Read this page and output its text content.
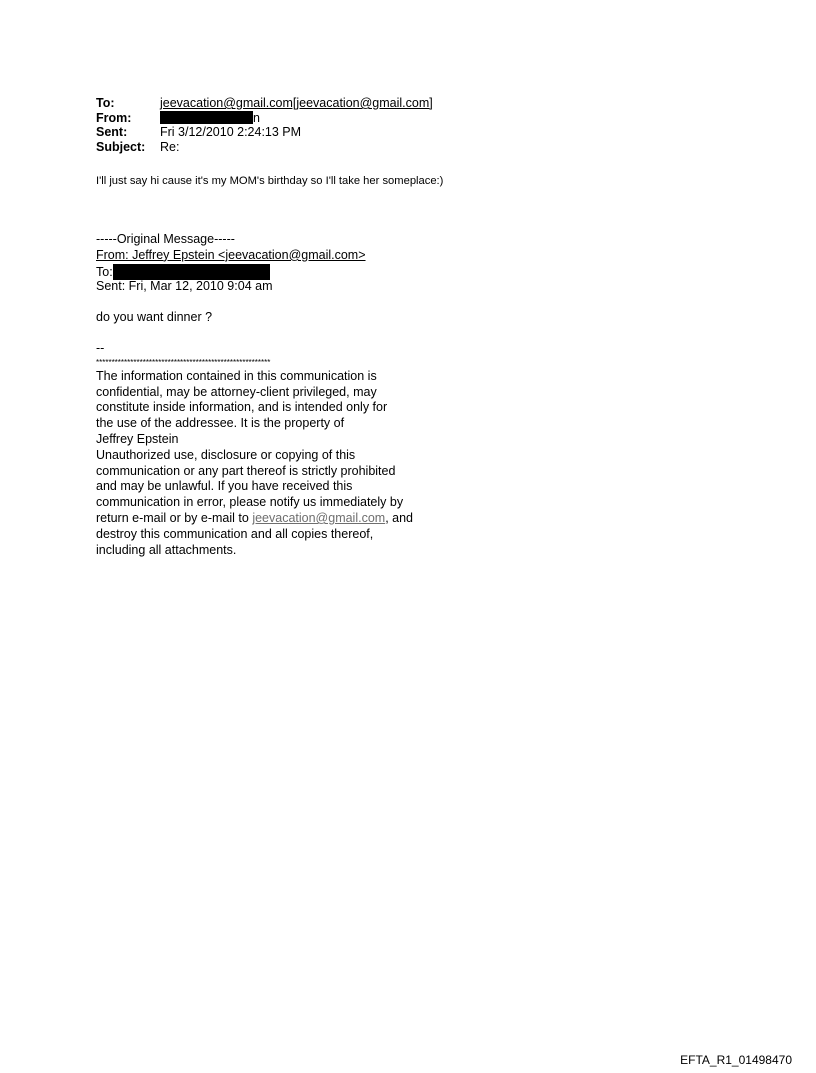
To:	jeevacation@gmail.com[jeevacation@gmail.com]
From:	n
Sent:	Fri 3/12/2010 2:24:13 PM
Subject:	Re:
I'll just say hi cause it's my MOM's birthday so I'll take her someplace:)
-----Original Message-----
From: Jeffrey Epstein <jeevacation@gmail.com>
To:
Sent: Fri, Mar 12, 2010 9:04 am
do you want dinner ?
--
********************************************************
The information contained in this communication is
confidential, may be attorney-client privileged, may
constitute inside information, and is intended only for
the use of the addressee. It is the property of
Jeffrey Epstein
Unauthorized use, disclosure or copying of this
communication or any part thereof is strictly prohibited
and may be unlawful. If you have received this
communication in error, please notify us immediately by
return e-mail or by e-mail to jeevacation@gmail.com, and
destroy this communication and all copies thereof,
including all attachments.
EFTA_R1_01498470
